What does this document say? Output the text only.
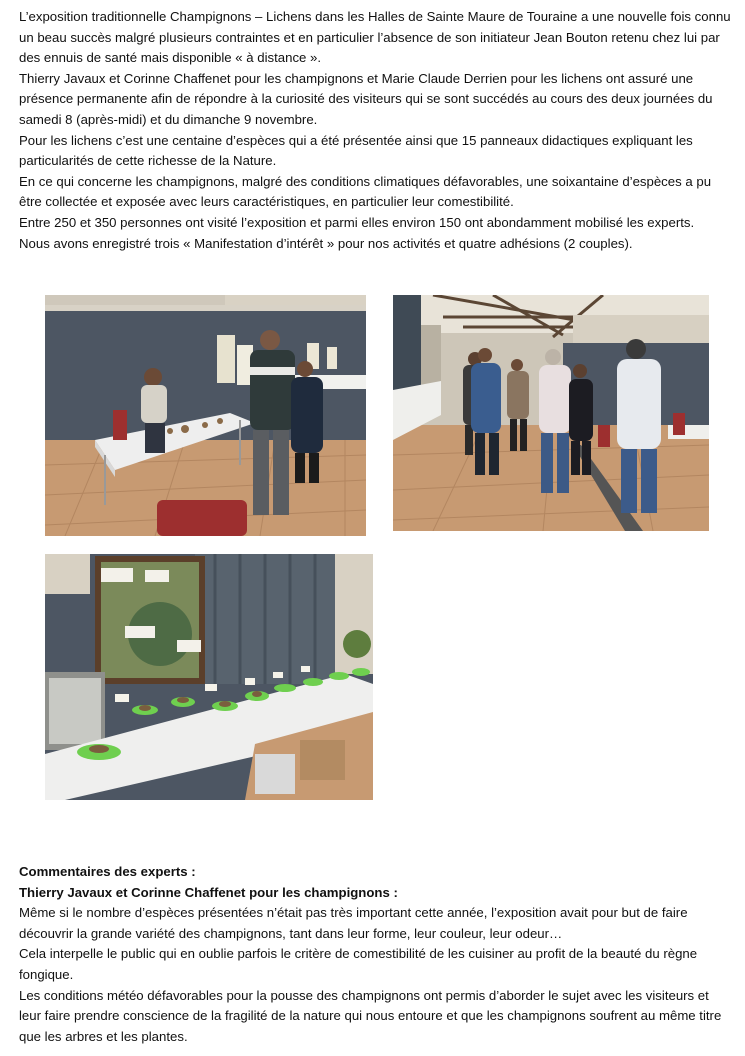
L’exposition traditionnelle Champignons – Lichens dans les Halles de Sainte Maure de Touraine a une nouvelle fois connu un beau succès malgré plusieurs contraintes et en particulier l’absence de son initiateur Jean Bouton retenu chez lui par des ennuis de santé mais disponible « à distance ».

Thierry Javaux et Corinne Chaffenet pour les champignons et Marie Claude Derrien pour les lichens ont assuré une présence permanente afin de répondre à la curiosité des visiteurs qui se sont succédés au cours des deux journées du samedi 8 (après-midi) et du dimanche 9 novembre.

Pour les lichens c’est une centaine d’espèces qui a été présentée ainsi que 15 panneaux didactiques expliquant les particularités de cette richesse de la Nature.

En ce qui concerne les champignons, malgré des conditions climatiques défavorables, une soixantaine d’espèces a pu être collectée et exposée avec leurs caractéristiques, en particulier leur comestibilité.

Entre 250 et 350 personnes ont visité l’exposition et parmi elles environ 150 ont abondamment mobilisé les experts.

Nous avons enregistré trois « Manifestation d’intérêt » pour nos activités et quatre adhésions (2 couples).

Commentaires des experts :

Thierry Javaux et Corinne Chaffenet pour les champignons :

Même si le nombre d’espèces présentées n’était pas très important cette année, l’exposition avait pour but de faire découvrir la grande variété des champignons, tant dans leur forme, leur couleur, leur odeur…

Cela interpelle le public qui en oublie parfois le critère de comestibilité de les cuisiner au profit de la beauté du règne fongique.

Les conditions météo défavorables pour la pousse des champignons ont permis d’aborder le sujet avec les visiteurs et leur faire prendre conscience de la fragilité de la nature qui nous entoure et que les champignons soufrent au même titre que les arbres et les plantes.
